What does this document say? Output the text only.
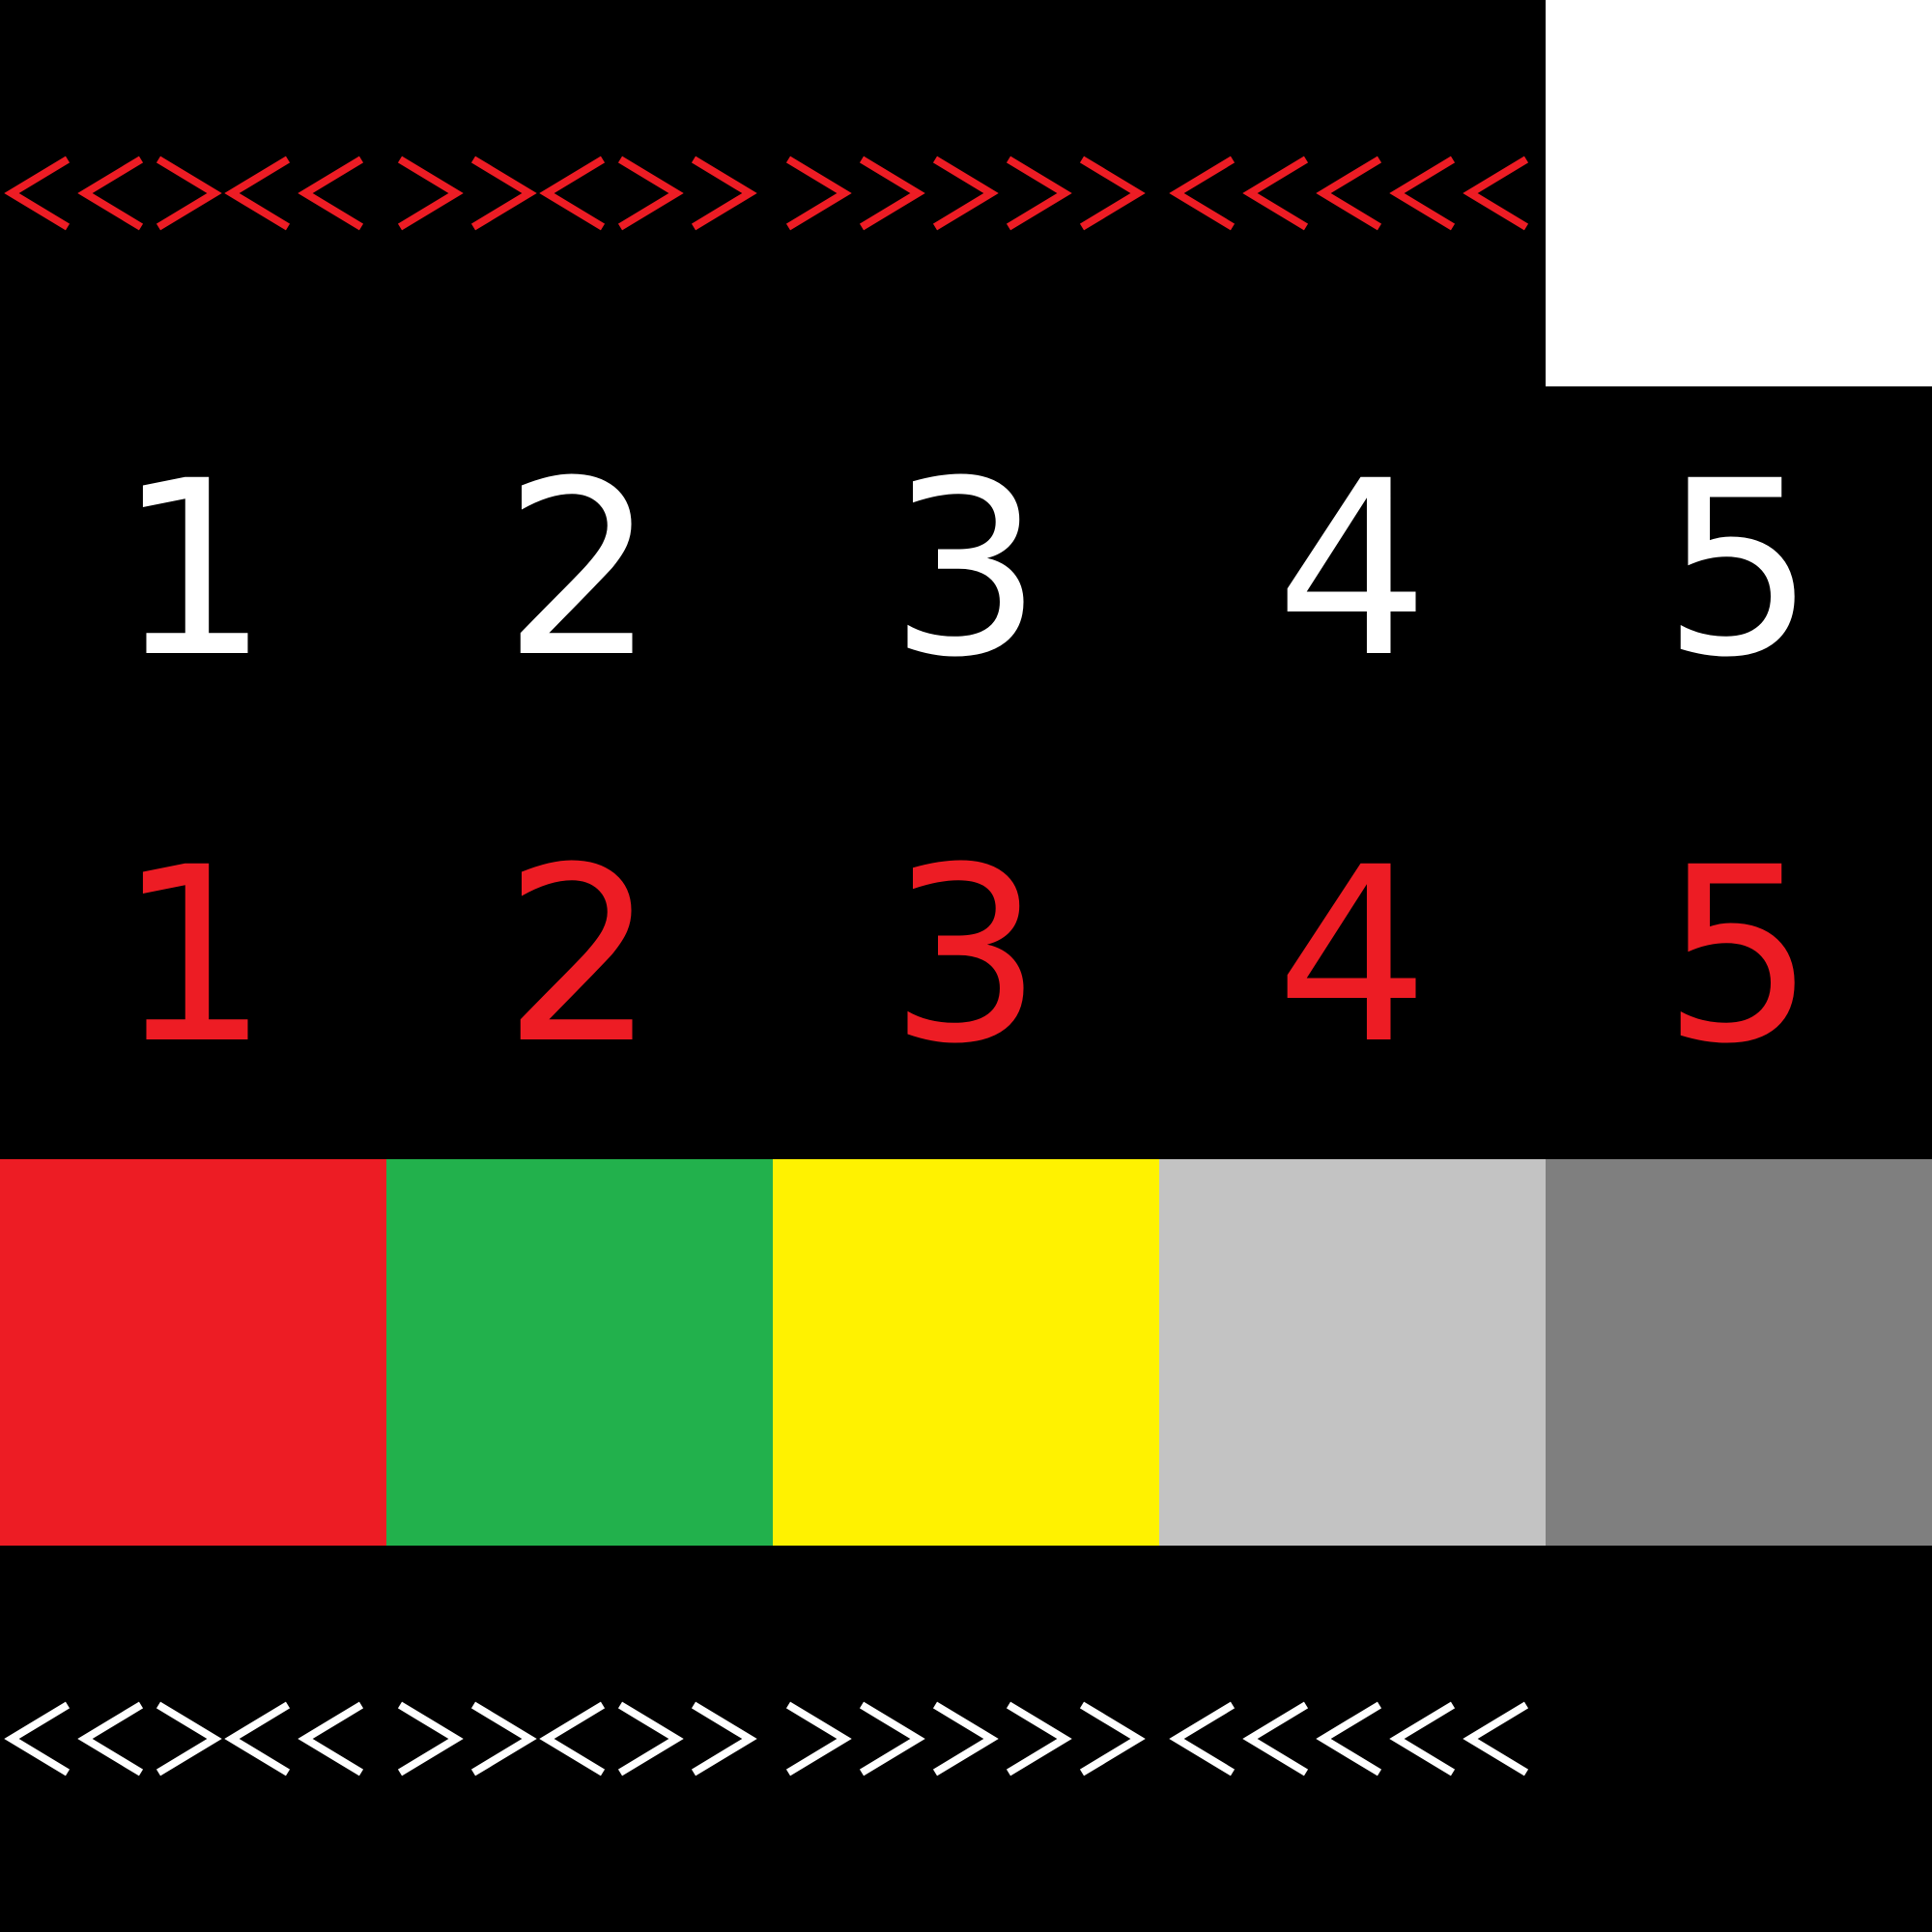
1 2 3 4 5
1 2 3 4 5
